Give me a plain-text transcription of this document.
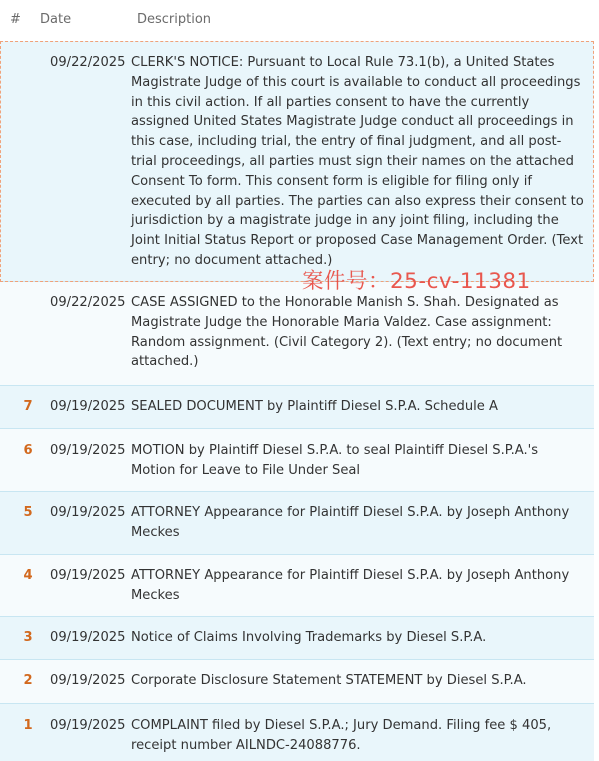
# Date	Description
09/22/2025 CLERK'S NOTICE: Pursuant to Local Rule 73.1(b), a United States Magistrate Judge of this court is available to conduct all proceedings in this civil action. If all parties consent to have the currently assigned United States Magistrate Judge conduct all proceedings in this case, including trial, the entry of final judgment, and all post-trial proceedings, all parties must sign their names on the attached Consent To form. This consent form is eligible for filing only if executed by all parties. The parties can also express their consent to jurisdiction by a magistrate judge in any joint filing, including the Joint Initial Status Report or proposed Case Management Order. (Text entry; no document attached.)
09/22/2025 CASE ASSIGNED to the Honorable Manish S. Shah. Designated as Magistrate Judge the Honorable Maria Valdez. Case assignment: Random assignment. (Civil Category 2). (Text entry; no document attached.)
7 09/19/2025 SEALED DOCUMENT by Plaintiff Diesel S.P.A. Schedule A
6 09/19/2025 MOTION by Plaintiff Diesel S.P.A. to seal Plaintiff Diesel S.P.A.'s Motion for Leave to File Under Seal
5 09/19/2025 ATTORNEY Appearance for Plaintiff Diesel S.P.A. by Joseph Anthony Meckes
4 09/19/2025 ATTORNEY Appearance for Plaintiff Diesel S.P.A. by Joseph Anthony Meckes
3 09/19/2025 Notice of Claims Involving Trademarks by Diesel S.P.A.
2 09/19/2025 Corporate Disclosure Statement STATEMENT by Diesel S.P.A.
1 09/19/2025 COMPLAINT filed by Diesel S.P.A.; Jury Demand. Filing fee $ 405, receipt number AILNDC-24088776.
案件号：25-cv-11381
